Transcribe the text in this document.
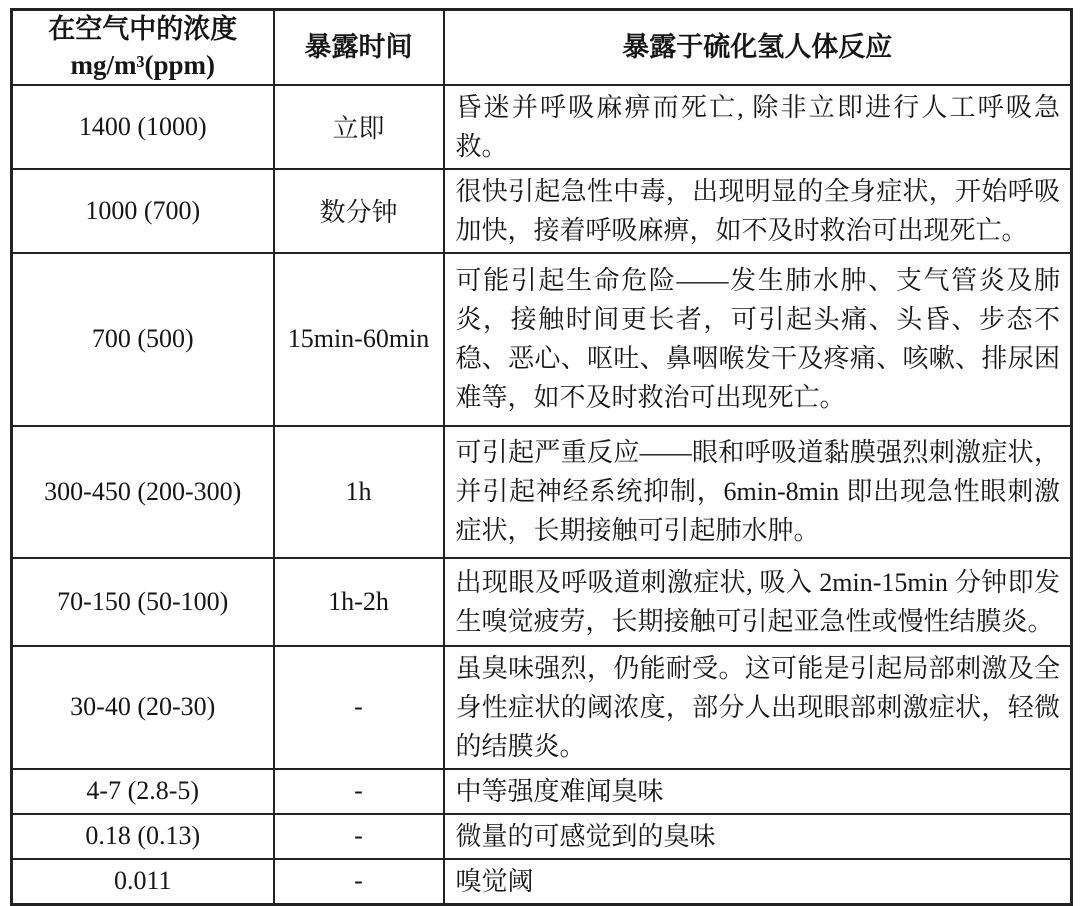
在空气中的浓度
mg/m³(ppm)	暴露时间	暴露于硫化氢人体反应
1400 (1000)	立即	昏迷并呼吸麻痹而死亡, 除非立即进行人工呼吸急救。
1000 (700)	数分钟	很快引起急性中毒，出现明显的全身症状，开始呼吸加快，接着呼吸麻痹，如不及时救治可出现死亡。
700 (500)	15min-60min	可能引起生命危险——发生肺水肿、支气管炎及肺炎，接触时间更长者，可引起头痛、头昏、步态不稳、恶心、呕吐、鼻咽喉发干及疼痛、咳嗽、排尿困难等，如不及时救治可出现死亡。
300-450 (200-300)	1h	可引起严重反应——眼和呼吸道黏膜强烈刺激症状，并引起神经系统抑制，6min-8min 即出现急性眼刺激症状，长期接触可引起肺水肿。
70-150 (50-100)	1h-2h	出现眼及呼吸道刺激症状, 吸入 2min-15min 分钟即发生嗅觉疲劳，长期接触可引起亚急性或慢性结膜炎。
30-40 (20-30)	-	虽臭味强烈，仍能耐受。这可能是引起局部刺激及全身性症状的阈浓度，部分人出现眼部刺激症状，轻微的结膜炎。
4-7 (2.8-5)	-	中等强度难闻臭味
0.18 (0.13)	-	微量的可感觉到的臭味
0.011	-	嗅觉阈
